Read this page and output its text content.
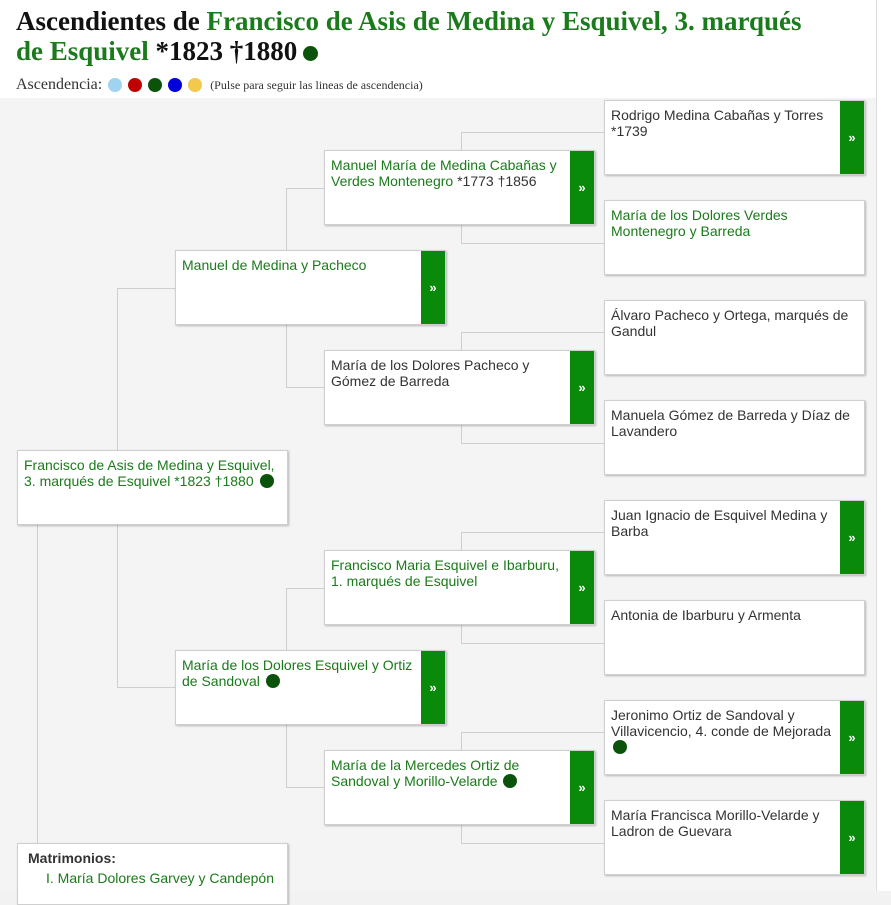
Ascendientes de Francisco de Asis de Medina y Esquivel, 3. marqués de Esquivel *1823 †1880
Ascendencia:	(Pulse para seguir las lineas de ascendencia)
Francisco de Asis de Medina y Esquivel, 3. marqués de Esquivel *1823 †1880
Manuel de Medina y Pacheco
»
María de los Dolores Esquivel y Ortiz de Sandoval	»
Manuel María de Medina Cabañas y Verdes Montenegro *1773 †1856	»
María de los Dolores Pacheco y Gómez de Barreda	»
Francisco Maria Esquivel e Ibarburu, 1. marqués de Esquivel	»
María de la Mercedes Ortiz de Sandoval y Morillo-Velarde	»
Rodrigo Medina Cabañas y Torres
*1739	»
María de los Dolores Verdes Montenegro y Barreda
Álvaro Pacheco y Ortega, marqués de Gandul
Manuela Gómez de Barreda y Díaz de Lavandero
Juan Ignacio de Esquivel Medina y Barba	»
Antonia de Ibarburu y Armenta
Jeronimo Ortiz de Sandoval y Villavicencio, 4. conde de Mejorada	»
María Francisca Morillo-Velarde y Ladron de Guevara	»
Matrimonios:
I. María Dolores Garvey y Candepón
